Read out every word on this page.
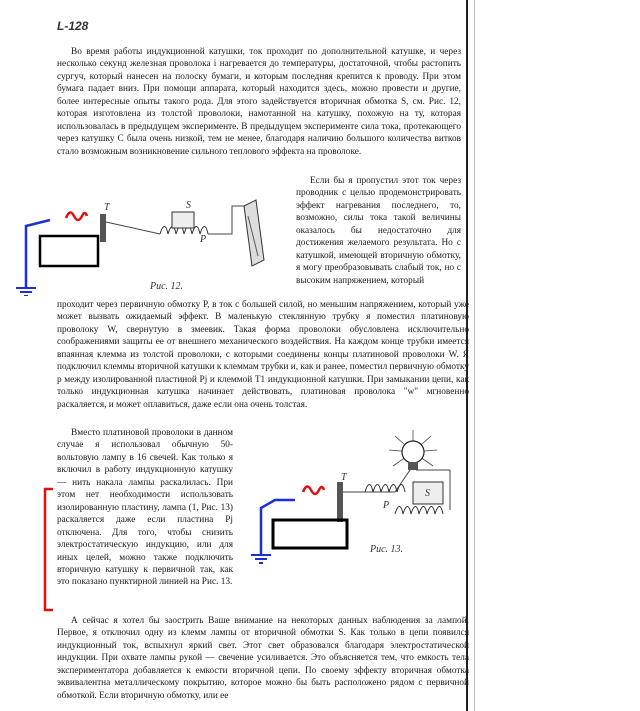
L-128

Во время работы индукционной катушки, ток проходит по дополнительной катушке, и через несколько секунд железная проволока і нагревается до температуры, достаточной, чтобы растопить сургуч, который нанесен на полоску бумаги, и которым последняя крепится к проводу. При этом бумага падает вниз. При помощи аппарата, который находится здесь, можно провести и другие, более интересные опыты такого рода. Для этого задействуется вторичная обмотка S, см. Рис. 12, которая изготовлена из толстой проволоки, намотанной на катушку, похожую на ту, которая использовалась в предыдущем эксперименте. В предыдущем эксперименте сила тока, протекающего через катушку С была очень низкой, тем не менее, благодаря наличию большого количества витков стало возможным возникновение сильного теплового эффекта на проволоке.

Если бы я пропустил этот ток через проводник с целью продемонстрировать эффект нагревания последнего, то, возможно, силы тока такой величины оказалось бы недостаточно для достижения желаемого результата. Но с катушкой, имеющей вторичную обмотку, я могу преобразовывать слабый ток, но с высоким напряжением, который

проходит через первичную обмотку P, в ток с большей силой, но меньшим напряжением, который уже может вызвать ожидаемый эффект. В маленькую стеклянную трубку я поместил платиновую проволоку W, свернутую в змеевик. Такая форма проволоки обусловлена исключительно соображениями защиты ее от внешнего механического воздействия. На каждом конце трубки имеется впаянная клемма из толстой проволоки, с которыми соединены концы платиновой проволоки W. Я подключил клеммы вторичной катушки к клеммам трубки и, как и ранее, поместил первичную обмотку p между изолированной пластиной Pj и клеммой T1 индукционной катушки. При замыкании цепи, как только индукционная катушка начинает действовать, платиновая проволока "w" мгновенно раскаляется, и может оплавиться, даже если она очень толстая.

Вместо платиновой проволоки в данном случае я использовал обычную 50-вольтовую лампу в 16 свечей. Как только я включил в работу индукционную катушку — нить накала лампы раскалилась. При этом нет необходимости использовать изолированную пластину, лампа (1, Рис. 13) раскаляется даже если пластина Pj отключена. Для того, чтобы снизить электростатическую индукцию, или для иных целей, можно также подключить вторичную катушку к первичной так, как это показано пунктирной линией на Рис. 13.

А сейчас я хотел бы заострить Ваше внимание на некоторых данных наблюдения за лампой. Первое, я отключил одну из клемм лампы от вторичной обмотки S. Как только в цепи появился индукционный ток, вспыхнул яркий свет. Этот свет образовался благодаря электростатической индукции. При охвате лампы рукой — свечение усиливается. Это объясняется тем, что емкость тела экспериментатора добавляется к емкости вторичной цепи. По своему эффекту вторичная обмотка эквивалентна металлическому покрытию, которое можно бы быть расположено рядом с первичной обмоткой. Если вторичную обмотку, или ее

T	S
P
Рис. 12.
S
P
T
Рис. 13.
